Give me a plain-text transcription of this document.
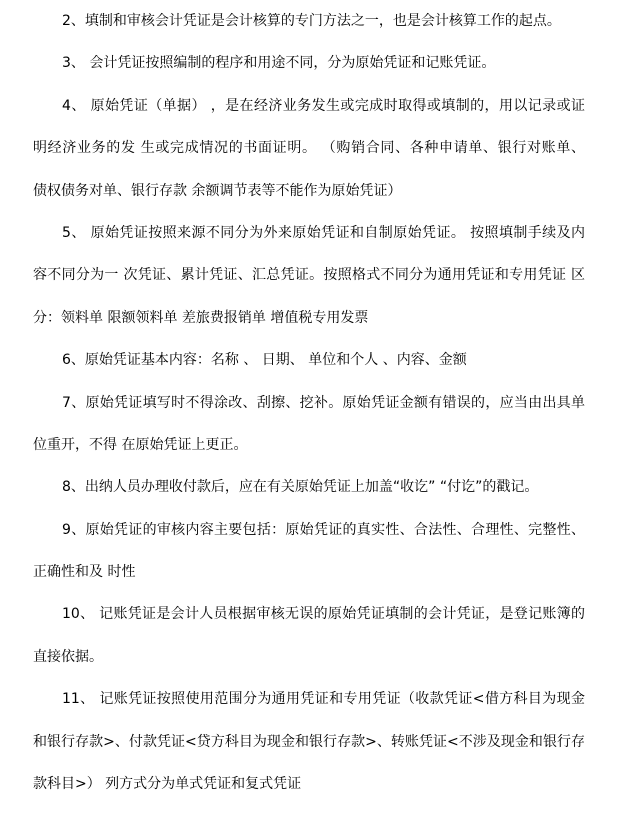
2、填制和审核会计凭证是会计核算的专门方法之一，也是会计核算工作的起点。
3、 会计凭证按照编制的程序和用途不同，分为原始凭证和记账凭证。
4、 原始凭证（单据） ，是在经济业务发生或完成时取得或填制的，用以记录或证
明经济业务的发 生或完成情况的书面证明。 （购销合同、各种申请单、银行对账单、
债权债务对单、银行存款 余额调节表等不能作为原始凭证）
5、 原始凭证按照来源不同分为外来原始凭证和自制原始凭证。 按照填制手续及内
容不同分为一 次凭证、累计凭证、汇总凭证。按照格式不同分为通用凭证和专用凭证 区
分：领料单 限额领料单 差旅费报销单 增值税专用发票
6、原始凭证基本内容：名称 、 日期、 单位和个人 、内容、金额
7、原始凭证填写时不得涂改、刮擦、挖补。原始凭证金额有错误的，应当由出具单
位重开，不得 在原始凭证上更正。
8、出纳人员办理收付款后，应在有关原始凭证上加盖“收讫” “付讫”的戳记。
9、原始凭证的审核内容主要包括：原始凭证的真实性、合法性、合理性、完整性、
正确性和及 时性
10、 记账凭证是会计人员根据审核无误的原始凭证填制的会计凭证，是登记账簿的
直接依据。
11、 记账凭证按照使用范围分为通用凭证和专用凭证（收款凭证<借方科目为现金
和银行存款>、付款凭证<贷方科目为现金和银行存款>、转账凭证<不涉及现金和银行存
款科目>） 列方式分为单式凭证和复式凭证
